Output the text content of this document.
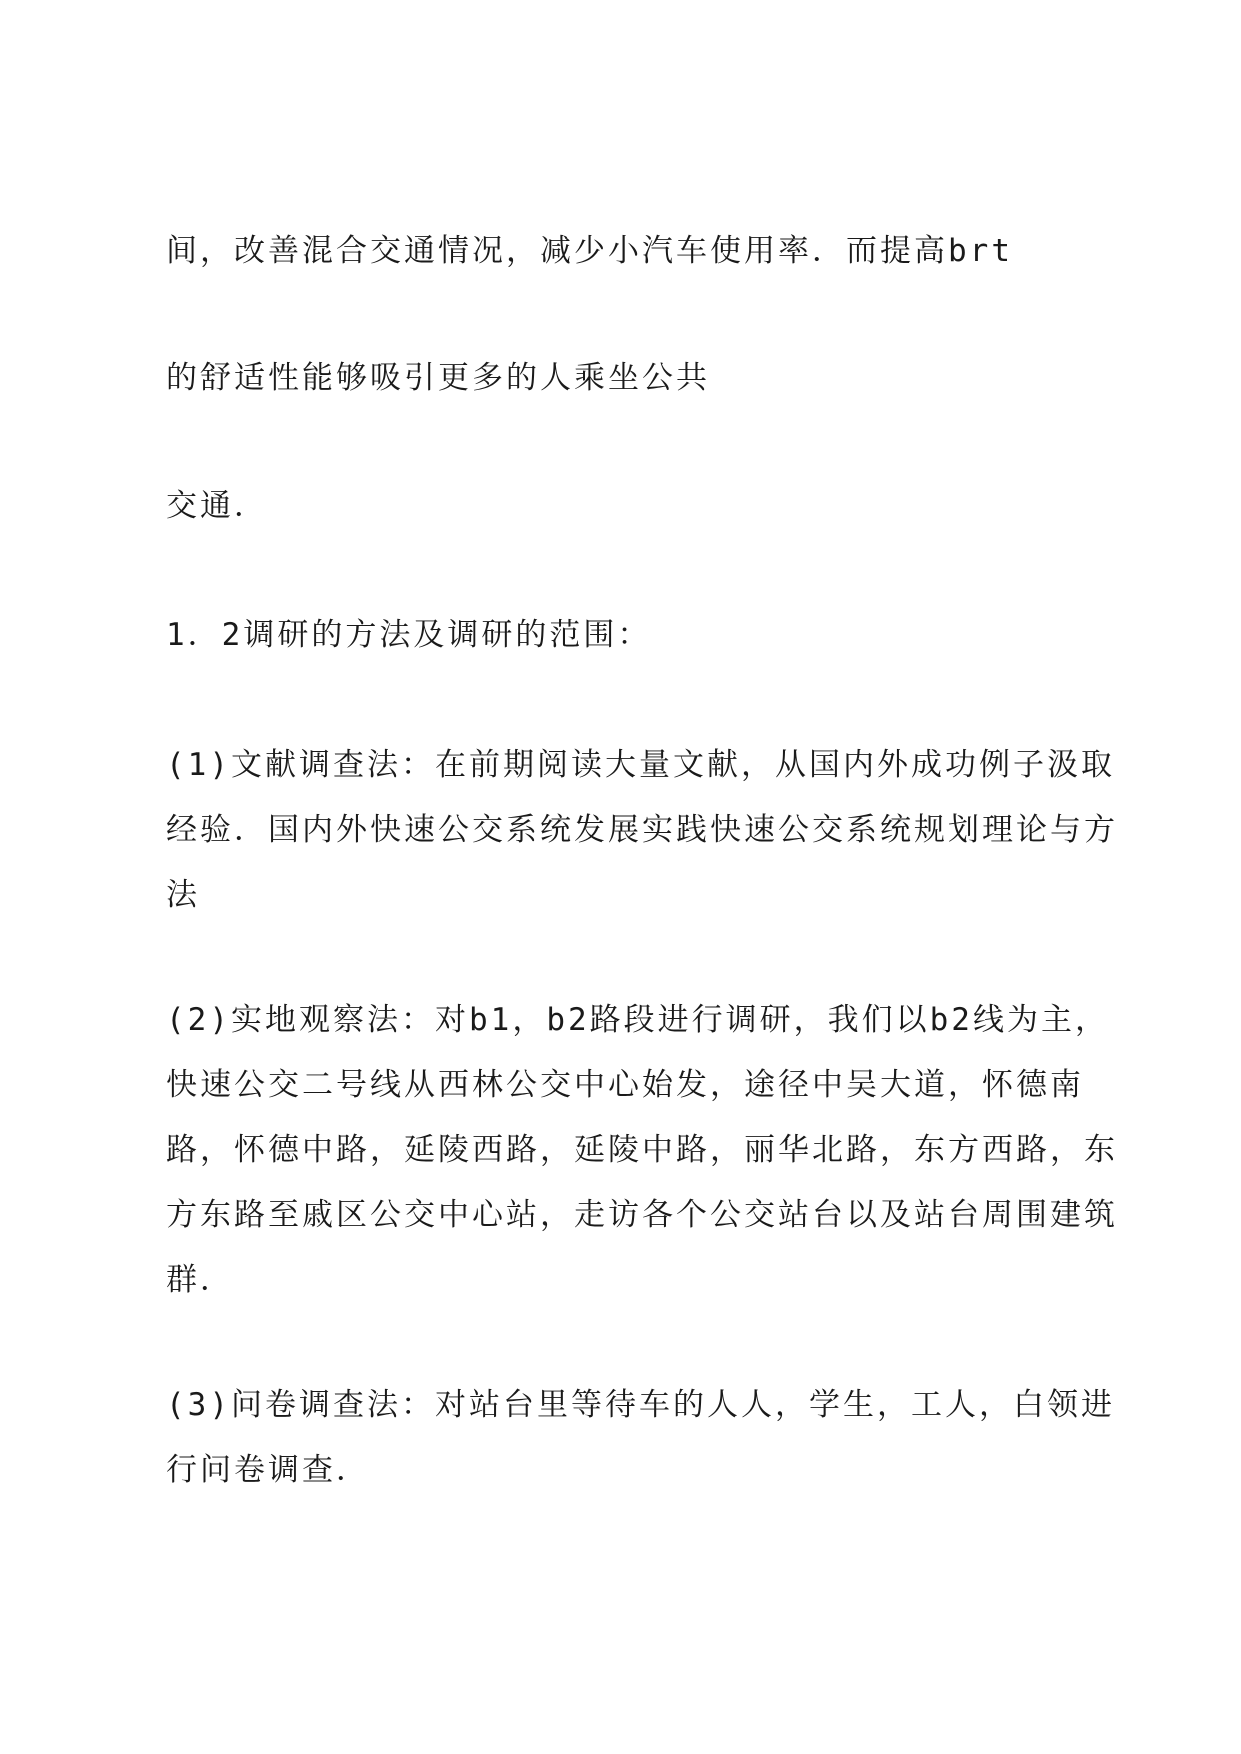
间，改善混合交通情况，减少小汽车使用率．而提高brt
的舒适性能够吸引更多的人乘坐公共
交通．
1．2调研的方法及调研的范围：
(1)文献调查法：在前期阅读大量文献，从国内外成功例子汲取
经验．国内外快速公交系统发展实践快速公交系统规划理论与方
法
(2)实地观察法：对b1，b2路段进行调研，我们以b2线为主，
快速公交二号线从西林公交中心始发，途径中吴大道，怀德南
路，怀德中路，延陵西路，延陵中路，丽华北路，东方西路，东
方东路至戚区公交中心站，走访各个公交站台以及站台周围建筑
群．
(3)问卷调查法：对站台里等待车的人人，学生，工人，白领进
行问卷调查．
